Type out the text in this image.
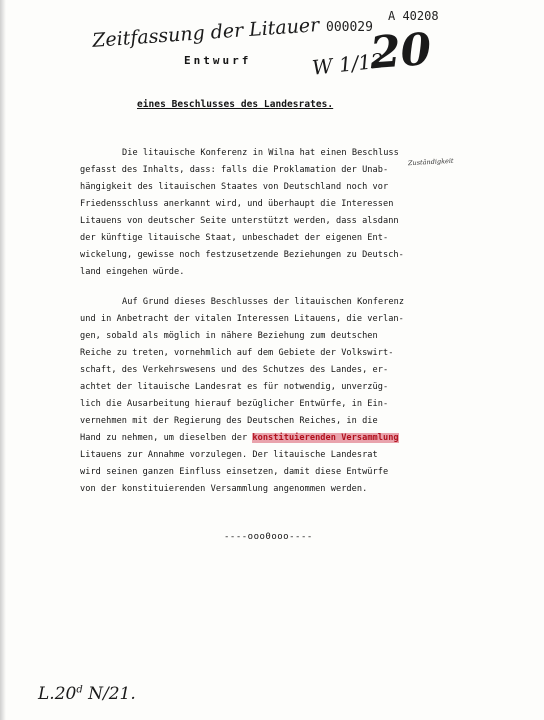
Zeitfassung der Litauer 000029
A 40208
W 1/12
20
Entwurf
eines Beschlusses des Landesrates.
Die litauische Konferenz in Wilna hat einen Beschluss
gefasst des Inhalts, dass: falls die Proklamation der Unab-
hängigkeit des litauischen Staates von Deutschland noch vor
Friedensschluss anerkannt wird, und überhaupt die Interessen
Litauens von deutscher Seite unterstützt werden, dass alsdann
der künftige litauische Staat, unbeschadet der eigenen Ent-
wickelung, gewisse noch festzusetzende Beziehungen zu Deutsch-
land eingehen würde.
Zuständigkeit
Auf Grund dieses Beschlusses der litauischen Konferenz
und in Anbetracht der vitalen Interessen Litauens, die verlan-
gen, sobald als möglich in nähere Beziehung zum deutschen
Reiche zu treten, vornehmlich auf dem Gebiete der Volkswirt-
schaft, des Verkehrswesens und des Schutzes des Landes, er-
achtet der litauische Landesrat es für notwendig, unverzüg-
lich die Ausarbeitung hierauf bezüglicher Entwürfe, in Ein-
vernehmen mit der Regierung des Deutschen Reiches, in die
Hand zu nehmen, um dieselben der konstituierenden Versammlung
Litauens zur Annahme vorzulegen. Der litauische Landesrat
wird seinen ganzen Einfluss einsetzen, damit diese Entwürfe
von der konstituierenden Versammlung angenommen werden.
----ooo0ooo----
L.20$^d$ N/21.
